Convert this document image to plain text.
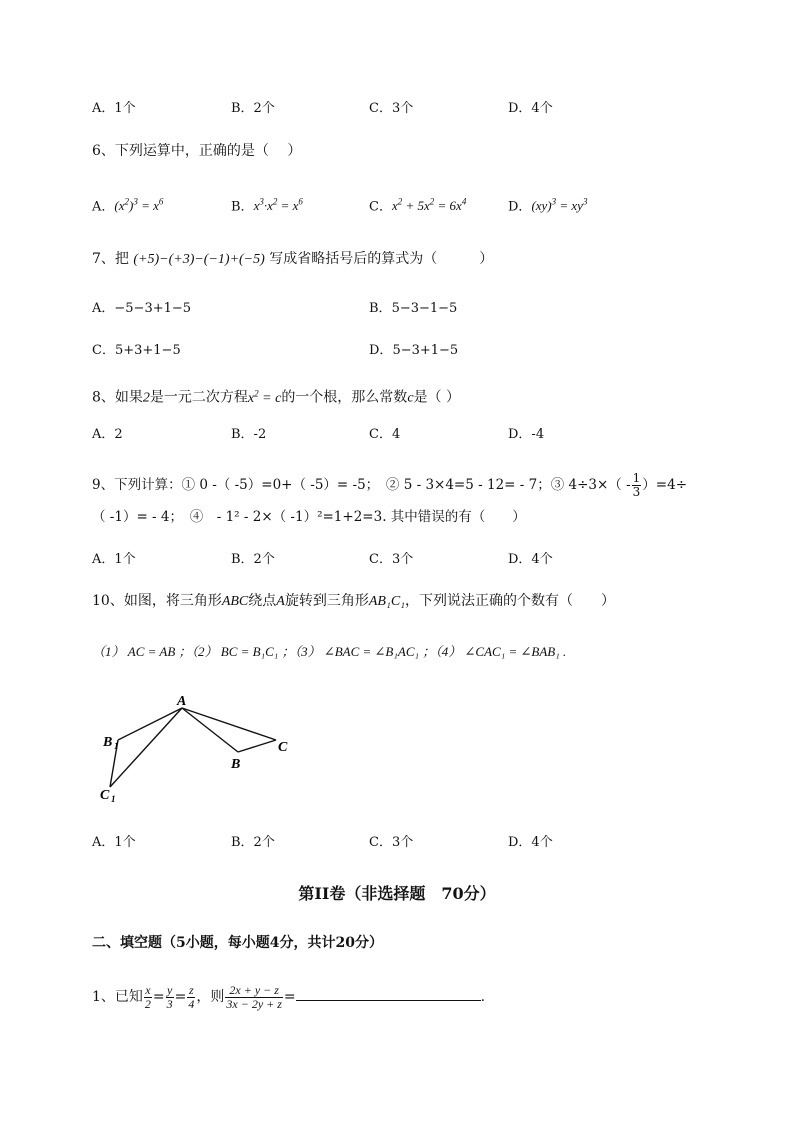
A．1个	B．2个	C．3个	D．4个
6、下列运算中，正确的是（　 ）
A．$(x^2)^3 = x^6$	B．$x^3\cdot x^2 = x^6$	C．$x^2 + 5x^2 = 6x^4$	D．$(xy)^3 = xy^3$
7、把 (+5)−(+3)−(−1)+(−5) 写成省略括号后的算式为（　　　）
A．−5−3+1−5	B．5−3−1−5
C．5+3+1−5	D．5−3+1−5
8、如果2是一元二次方程$x^2 = c$的一个根，那么常数c是（ ）
A．2	B．-2	C．4	D．-4
9、下列计算：① 0 -（ -5）=0+（ -5）= -5；　② 5 - 3×4=5 - 12= - 7；③ $4\div 3\times( - \frac{1}{3} )=4\div$
（ -1）= - 4；　④　- 1² - 2×（ -1）²=1+2=3. 其中错误的有（　　）
A．1个	B．2个	C．3个	D．4个
10、如图，将三角形ABC绕点A旋转到三角形AB₁C₁，下列说法正确的个数有（　　）
（1） AC = AB ；（2） BC = B₁C₁ ；（3） ∠BAC = ∠B₁AC₁ ；（4） ∠CAC₁ = ∠BAB₁ .
A
B
C
B 1
C 1
A．1个	B．2个	C．3个	D．4个
第II卷（非选择题　70分）
二、填空题（5小题，每小题4分，共计20分）
1、已知 $\frac{x}{2} = \frac{y}{3} = \frac{z}{4}$ ，则 $\frac{2x + y - z}{3x - 2y + z}$ =	.
